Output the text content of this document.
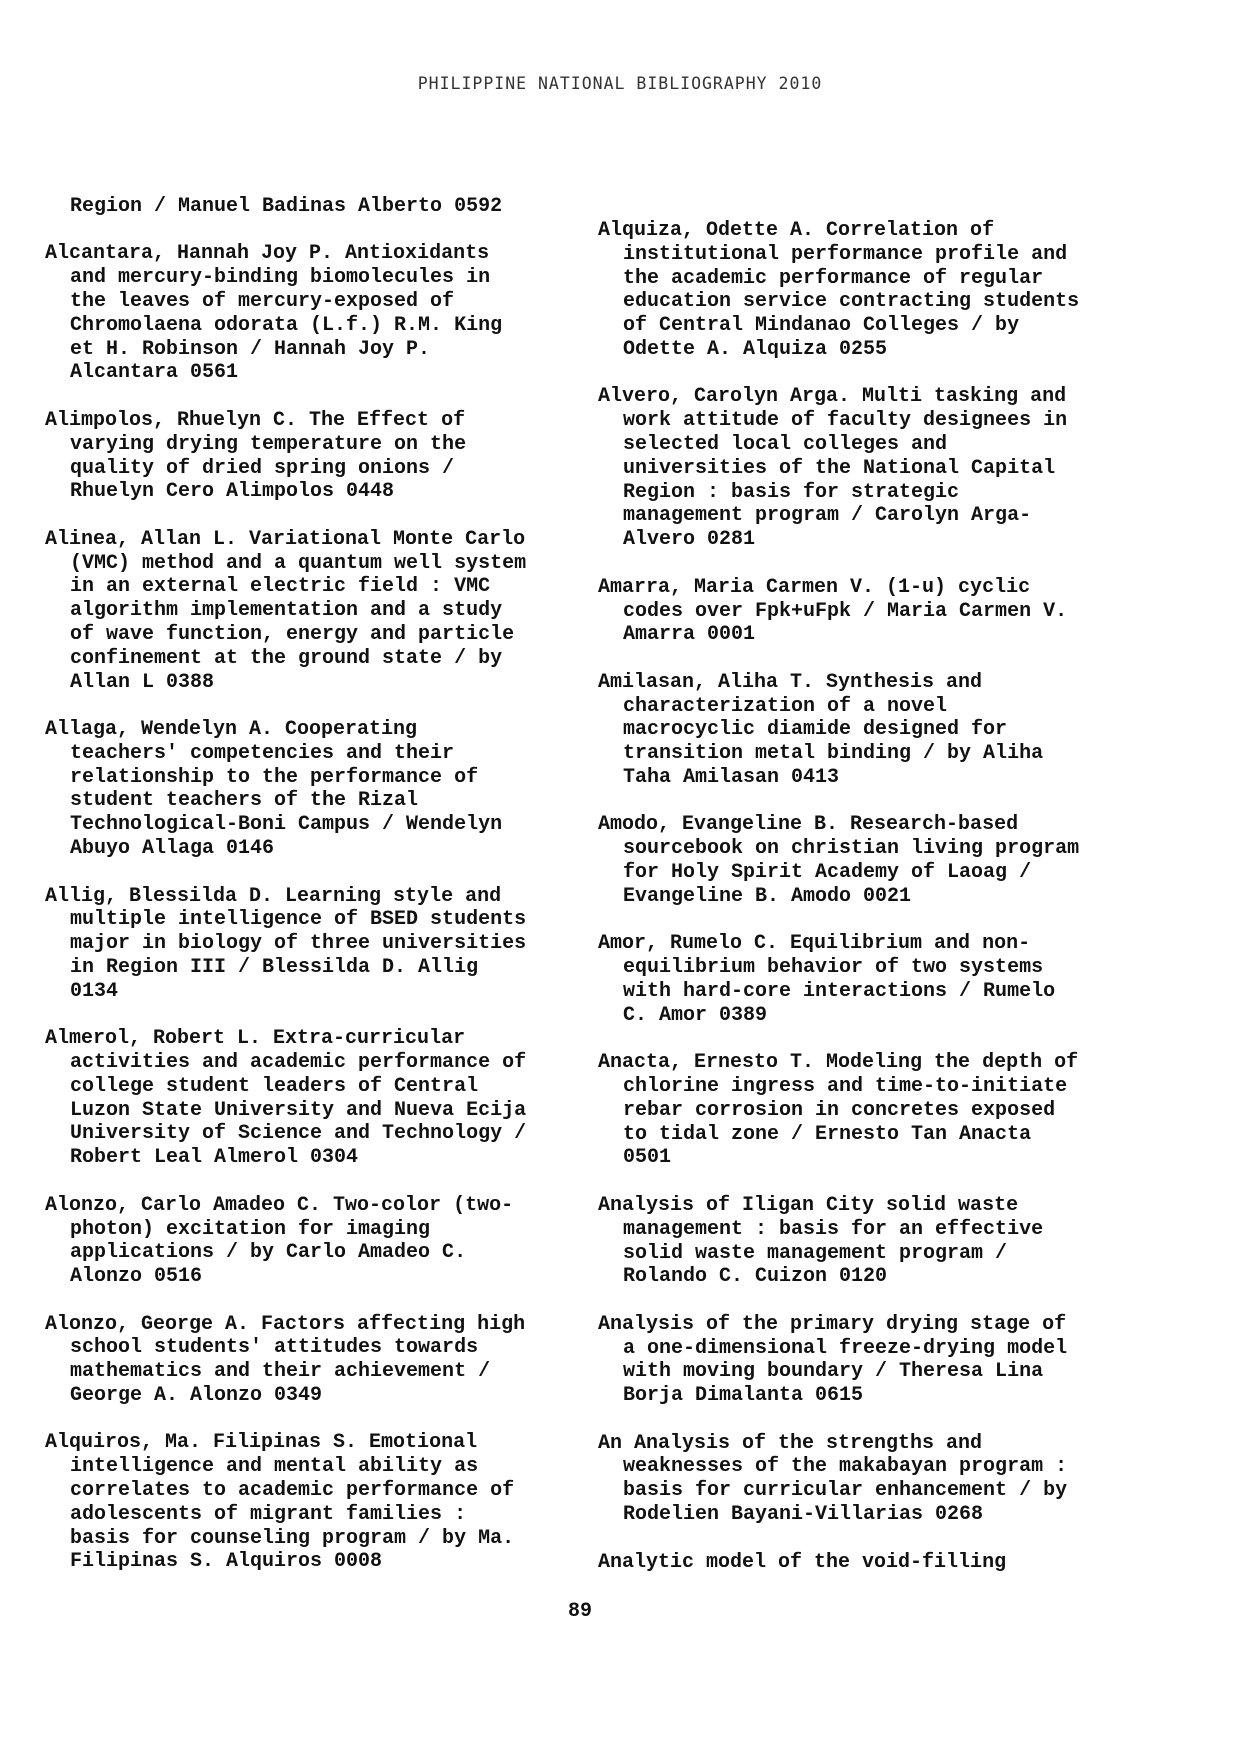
PHILIPPINE NATIONAL BIBLIOGRAPHY 2010
Region / Manuel Badinas Alberto 0592
Alcantara, Hannah Joy P. Antioxidants
and mercury-binding biomolecules in
the leaves of mercury-exposed of
Chromolaena odorata (L.f.) R.M. King
et H. Robinson / Hannah Joy P.
Alcantara 0561
Alimpolos, Rhuelyn C. The Effect of
varying drying temperature on the
quality of dried spring onions /
Rhuelyn Cero Alimpolos 0448
Alinea, Allan L. Variational Monte Carlo
(VMC) method and a quantum well system
in an external electric field : VMC
algorithm implementation and a study
of wave function, energy and particle
confinement at the ground state / by
Allan L 0388
Allaga, Wendelyn A. Cooperating
teachers' competencies and their
relationship to the performance of
student teachers of the Rizal
Technological-Boni Campus / Wendelyn
Abuyo Allaga 0146
Allig, Blessilda D. Learning style and
multiple intelligence of BSED students
major in biology of three universities
in Region III / Blessilda D. Allig
0134
Almerol, Robert L. Extra-curricular
activities and academic performance of
college student leaders of Central
Luzon State University and Nueva Ecija
University of Science and Technology /
Robert Leal Almerol 0304
Alonzo, Carlo Amadeo C. Two-color (two-
photon) excitation for imaging
applications / by Carlo Amadeo C.
Alonzo 0516
Alonzo, George A. Factors affecting high
school students' attitudes towards
mathematics and their achievement /
George A. Alonzo 0349
Alquiros, Ma. Filipinas S. Emotional
intelligence and mental ability as
correlates to academic performance of
adolescents of migrant families :
basis for counseling program / by Ma.
Filipinas S. Alquiros 0008
Alquiza, Odette A. Correlation of
institutional performance profile and
the academic performance of regular
education service contracting students
of Central Mindanao Colleges / by
Odette A. Alquiza 0255
Alvero, Carolyn Arga. Multi tasking and
work attitude of faculty designees in
selected local colleges and
universities of the National Capital
Region : basis for strategic
management program / Carolyn Arga-
Alvero 0281
Amarra, Maria Carmen V. (1-u) cyclic
codes over Fpk+uFpk / Maria Carmen V.
Amarra 0001
Amilasan, Aliha T. Synthesis and
characterization of a novel
macrocyclic diamide designed for
transition metal binding / by Aliha
Taha Amilasan 0413
Amodo, Evangeline B. Research-based
sourcebook on christian living program
for Holy Spirit Academy of Laoag /
Evangeline B. Amodo 0021
Amor, Rumelo C. Equilibrium and non-
equilibrium behavior of two systems
with hard-core interactions / Rumelo
C. Amor 0389
Anacta, Ernesto T. Modeling the depth of
chlorine ingress and time-to-initiate
rebar corrosion in concretes exposed
to tidal zone / Ernesto Tan Anacta
0501
Analysis of Iligan City solid waste
management : basis for an effective
solid waste management program /
Rolando C. Cuizon 0120
Analysis of the primary drying stage of
a one-dimensional freeze-drying model
with moving boundary / Theresa Lina
Borja Dimalanta 0615
An Analysis of the strengths and
weaknesses of the makabayan program :
basis for curricular enhancement / by
Rodelien Bayani-Villarias 0268
Analytic model of the void-filling
89
